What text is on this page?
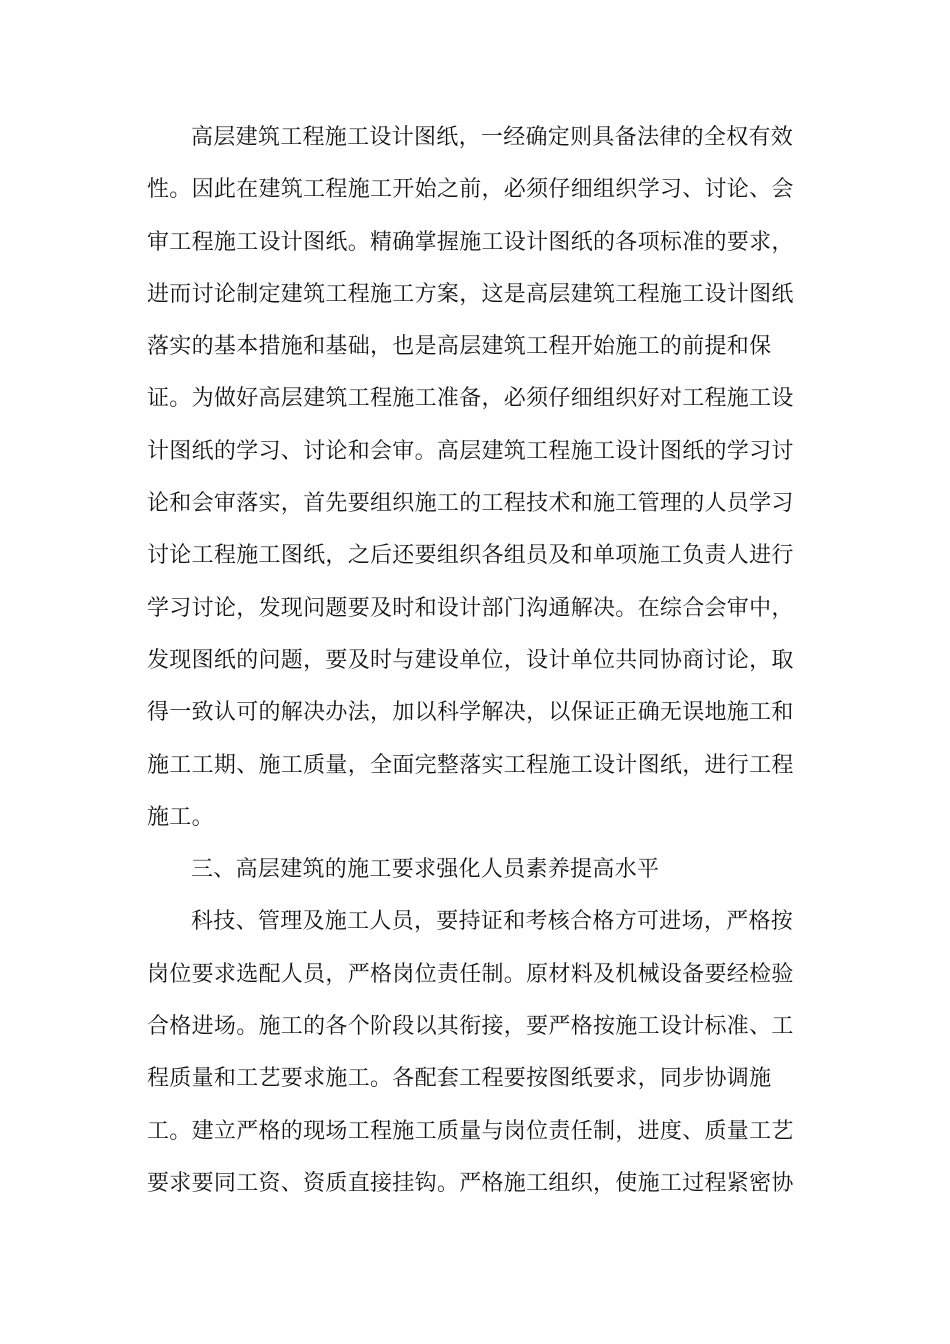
高层建筑工程施工设计图纸，一经确定则具备法律的全权有效
性。因此在建筑工程施工开始之前，必须仔细组织学习、讨论、会
审工程施工设计图纸。精确掌握施工设计图纸的各项标准的要求，
进而讨论制定建筑工程施工方案，这是高层建筑工程施工设计图纸
落实的基本措施和基础，也是高层建筑工程开始施工的前提和保
证。为做好高层建筑工程施工准备，必须仔细组织好对工程施工设
计图纸的学习、讨论和会审。高层建筑工程施工设计图纸的学习讨
论和会审落实，首先要组织施工的工程技术和施工管理的人员学习
讨论工程施工图纸，之后还要组织各组员及和单项施工负责人进行
学习讨论，发现问题要及时和设计部门沟通解决。在综合会审中，
发现图纸的问题，要及时与建设单位，设计单位共同协商讨论，取
得一致认可的解决办法，加以科学解决，以保证正确无误地施工和
施工工期、施工质量，全面完整落实工程施工设计图纸，进行工程
施工。
三、高层建筑的施工要求强化人员素养提高水平
科技、管理及施工人员，要持证和考核合格方可进场，严格按
岗位要求选配人员，严格岗位责任制。原材料及机械设备要经检验
合格进场。施工的各个阶段以其衔接，要严格按施工设计标准、工
程质量和工艺要求施工。各配套工程要按图纸要求，同步协调施
工。建立严格的现场工程施工质量与岗位责任制，进度、质量工艺
要求要同工资、资质直接挂钩。严格施工组织，使施工过程紧密协
